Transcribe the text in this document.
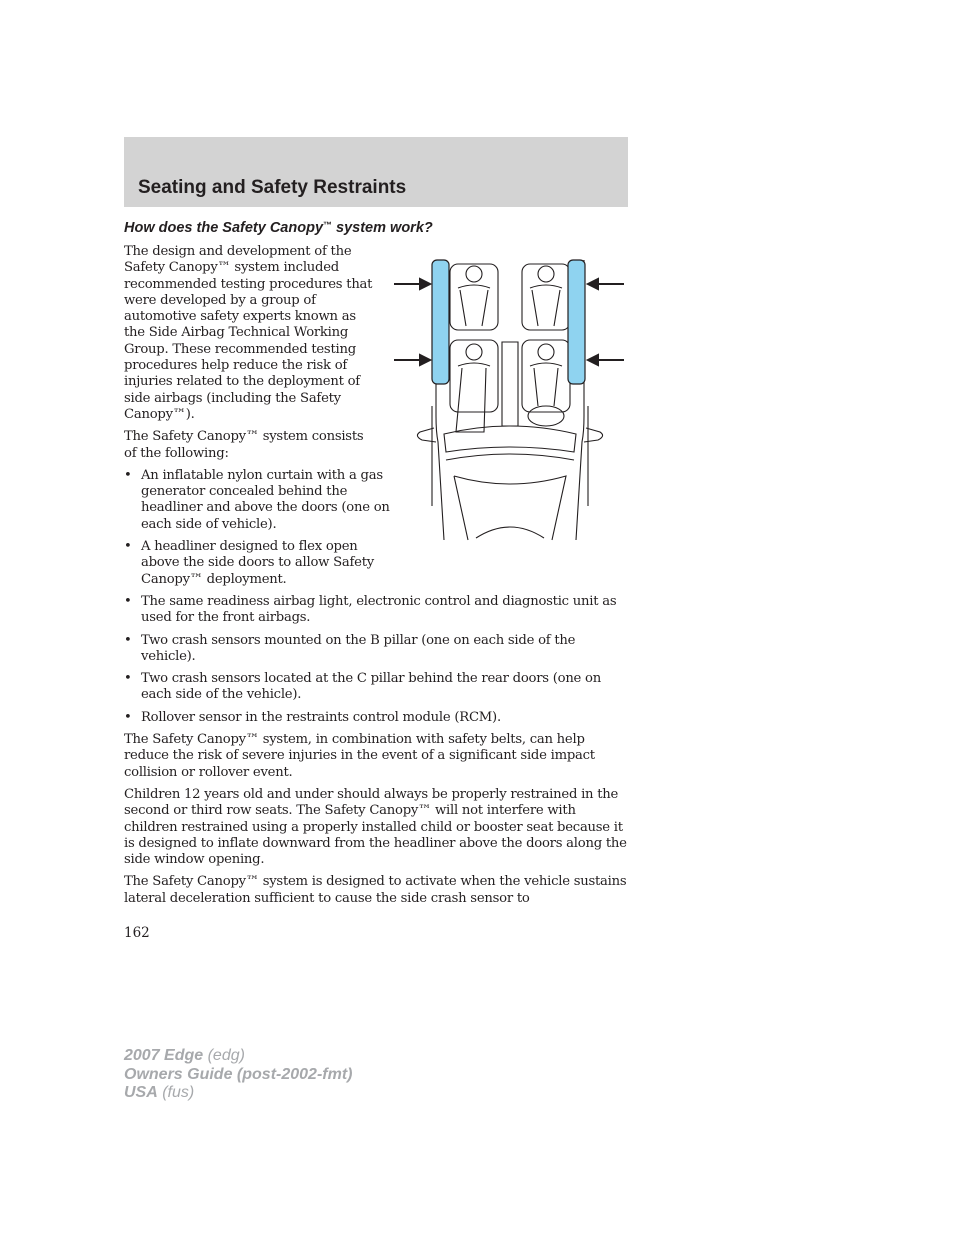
Seating and Safety Restraints
How does the Safety Canopy™ system work?

The design and development of the Safety Canopy™ system included recommended testing procedures that were developed by a group of automotive safety experts known as the Side Airbag Technical Working Group. These recommended testing procedures help reduce the risk of injuries related to the deployment of side airbags (including the Safety Canopy™).

The Safety Canopy™ system consists of the following:

• An inflatable nylon curtain with a gas generator concealed behind the headliner and above the doors (one on each side of vehicle).
• A headliner designed to flex open above the side doors to allow Safety Canopy™ deployment.
• The same readiness airbag light, electronic control and diagnostic unit as used for the front airbags.
• Two crash sensors mounted on the B pillar (one on each side of the vehicle).
• Two crash sensors located at the C pillar behind the rear doors (one on each side of the vehicle).
• Rollover sensor in the restraints control module (RCM).

The Safety Canopy™ system, in combination with safety belts, can help reduce the risk of severe injuries in the event of a significant side impact collision or rollover event.

Children 12 years old and under should always be properly restrained in the second or third row seats. The Safety Canopy™ will not interfere with children restrained using a properly installed child or booster seat because it is designed to inflate downward from the headliner above the doors along the side window opening.

The Safety Canopy™ system is designed to activate when the vehicle sustains lateral deceleration sufficient to cause the side crash sensor to

162
2007 Edge (edg)
Owners Guide (post-2002-fmt)
USA (fus)
